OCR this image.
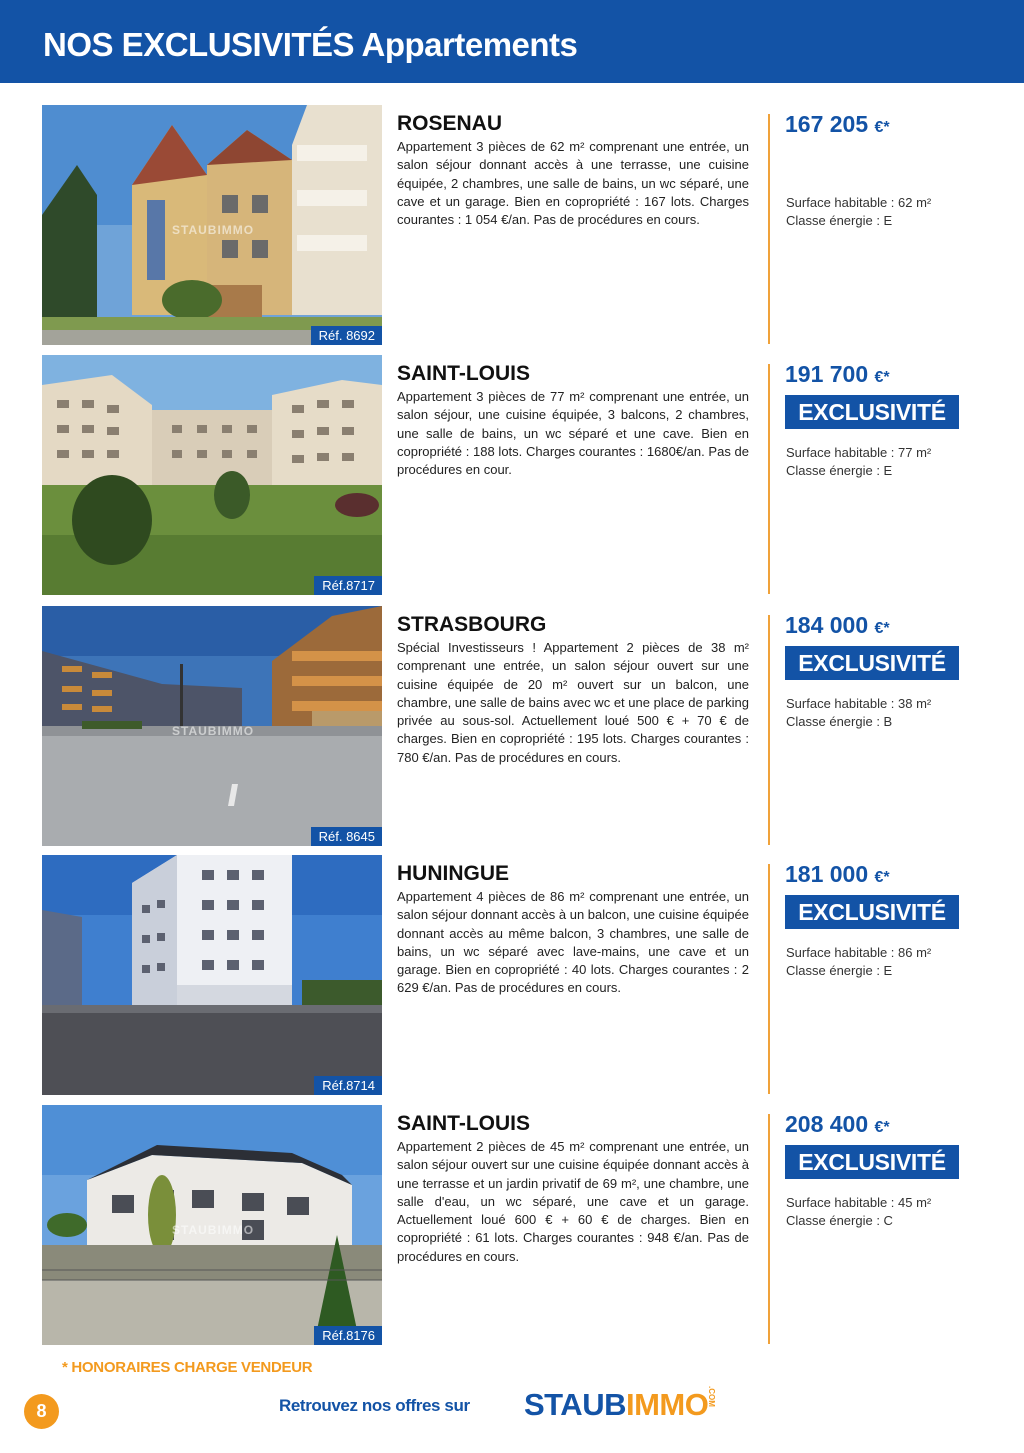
NOS EXCLUSIVITÉS Appartements
STAUBIMMO
Réf. 8692
ROSENAU

Appartement 3 pièces de 62 m² comprenant une entrée, un salon séjour donnant accès à une terrasse, une cuisine équipée, 2 chambres, une salle de bains, un wc séparé, une cave et un garage. Bien en copropriété : 167 lots. Charges courantes : 1 054 €/an. Pas de procédures en cours.

167 205 €*
Surface habitable : 62 m²
Classe énergie : E
Réf.8717
SAINT-LOUIS

Appartement 3 pièces de 77 m² comprenant une entrée, un salon séjour, une cuisine équipée, 3 balcons, 2 chambres, une salle de bains, un wc séparé et une cave. Bien en copropriété : 188 lots. Charges courantes : 1680€/an. Pas de procédures en cour.

191 700 €*
EXCLUSIVITÉ
Surface habitable : 77 m²
Classe énergie : E
STAUBIMMO
Réf. 8645
STRASBOURG

Spécial Investisseurs ! Appartement 2 pièces de 38 m² comprenant une entrée, un salon séjour ouvert sur une cuisine équipée de 20 m² ouvert sur un balcon, une chambre, une salle de bains avec wc et une place de parking privée au sous-sol. Actuellement loué 500 € + 70 € de charges. Bien en copropriété : 195 lots. Charges courantes : 780 €/an. Pas de procédures en cours.

184 000 €*
EXCLUSIVITÉ
Surface habitable : 38 m²
Classe énergie : B
Réf.8714
HUNINGUE

Appartement 4 pièces de 86 m² comprenant une entrée, un salon séjour donnant accès à un balcon, une cuisine équipée donnant accès au même balcon, 3 chambres, une salle de bains, un wc séparé avec lave-mains, une cave et un garage. Bien en copropriété : 40 lots. Charges courantes : 2 629 €/an. Pas de procédures en cours.

181 000 €*
EXCLUSIVITÉ
Surface habitable : 86 m²
Classe énergie : E
STAUBIMMO
Réf.8176
SAINT-LOUIS

Appartement 2 pièces de 45 m² comprenant une entrée, un salon séjour ouvert sur une cuisine équipée donnant accès à une terrasse et un jardin privatif de 69 m², une chambre, une salle d'eau, un wc séparé, une cave et un garage. Actuellement loué 600 € + 60 € de charges. Bien en copropriété : 61 lots. Charges courantes : 948 €/an. Pas de procédures en cours.

208 400 €*
EXCLUSIVITÉ
Surface habitable : 45 m²
Classe énergie : C
* HONORAIRES CHARGE VENDEUR
8	Retrouvez nos offres sur STAUBIMMO.COM
